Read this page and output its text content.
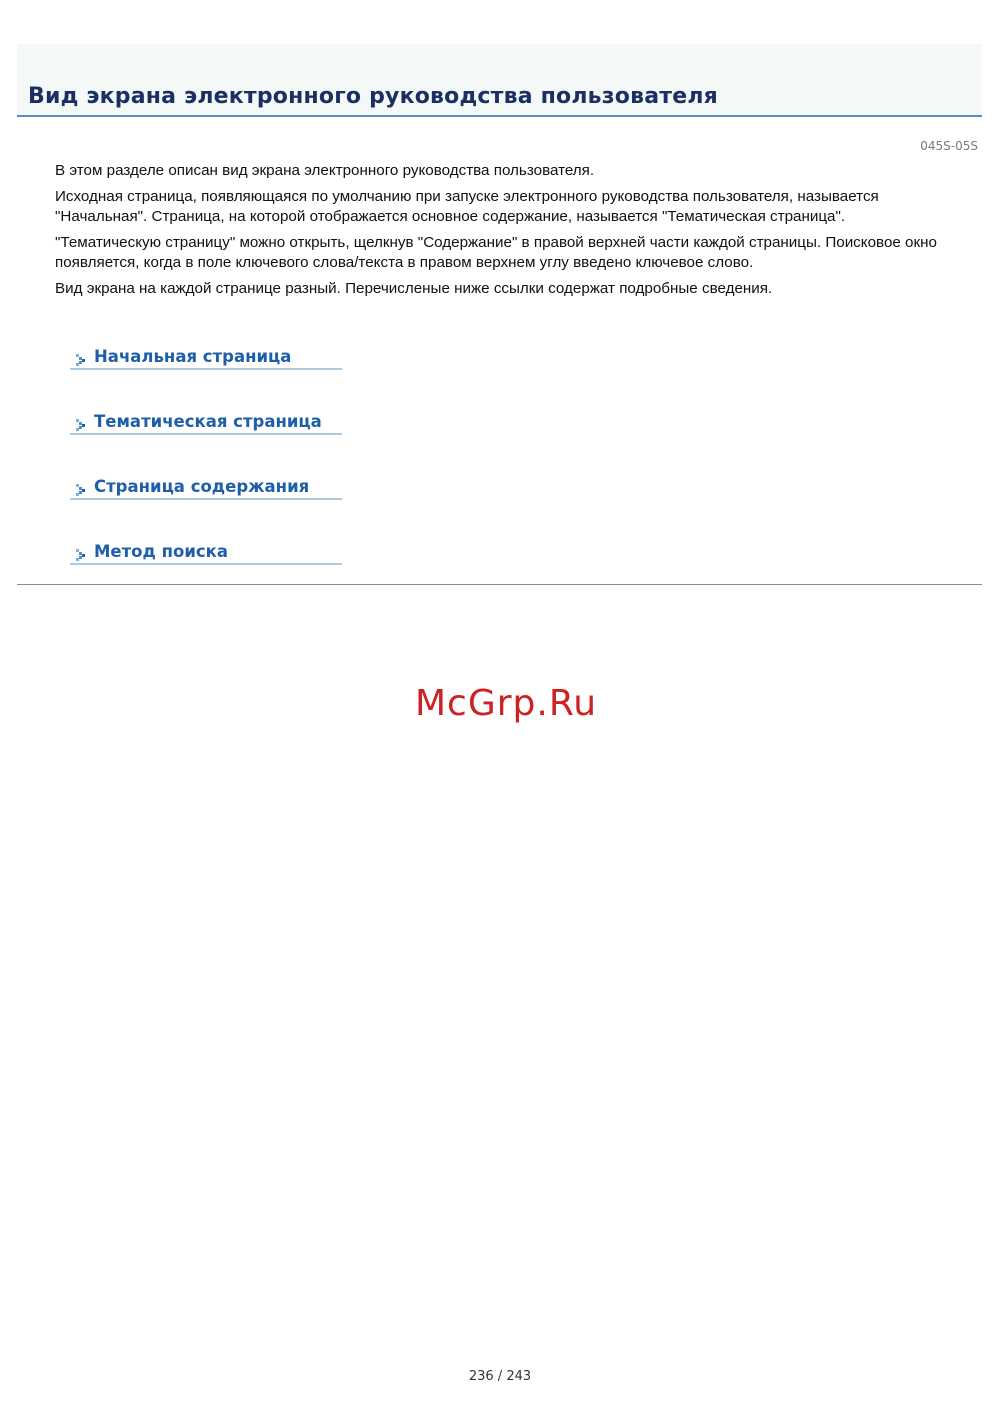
Вид экрана электронного руководства пользователя
045S-05S

В этом разделе описан вид экрана электронного руководства пользователя.

Исходная страница, появляющаяся по умолчанию при запуске электронного руководства пользователя, называется "Начальная". Страница, на которой отображается основное содержание, называется "Тематическая страница".

"Тематическую страницу" можно открыть, щелкнув "Содержание" в правой верхней части каждой страницы. Поисковое окно появляется, когда в поле ключевого слова/текста в правом верхнем углу введено ключевое слово.

Вид экрана на каждой странице разный. Перечисленые ниже ссылки содержат подробные сведения.

Начальная страница
Тематическая страница
Страница содержания
Метод поиска
McGrp.Ru
236 / 243
